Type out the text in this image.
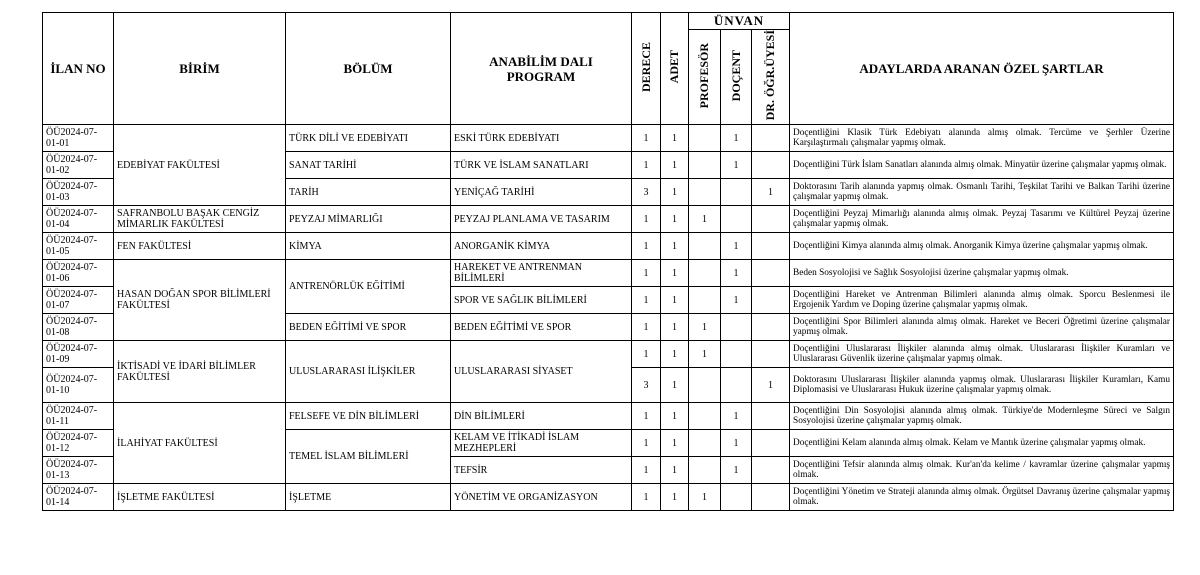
İLAN NO	BİRİM	BÖLÜM	ANABİLİM DALI PROGRAM	DERECE	ADET	ÜNVAN			ADAYLARDA ARANAN ÖZEL ŞARTLAR
						PROFESÖR	DOÇENT	DR. ÖĞR.ÜYESİ	
ÖÜ2024-07-01-01	EDEBİYAT FAKÜLTESİ	TÜRK DİLİ VE EDEBİYATI	ESKİ TÜRK EDEBİYATI	1	1		1		Doçentliğini Klasik Türk Edebiyatı alanında almış olmak. Tercüme ve Şerhler Üzerine Karşılaştırmalı çalışmalar yapmış olmak.
ÖÜ2024-07-01-02		SANAT TARİHİ	TÜRK VE İSLAM SANATLARI	1	1		1		Doçentliğini Türk İslam Sanatları alanında almış olmak. Minyatür üzerine çalışmalar yapmış olmak.
ÖÜ2024-07-01-03		TARİH	YENİÇAĞ TARİHİ	3	1			1	Doktorasını Tarih alanında yapmış olmak. Osmanlı Tarihi, Teşkilat Tarihi ve Balkan Tarihi üzerine çalışmalar yapmış olmak.
ÖÜ2024-07-01-04	SAFRANBOLU BAŞAK CENGİZ MİMARLIK FAKÜLTESİ	PEYZAJ MİMARLIĞI	PEYZAJ PLANLAMA VE TASARIM	1	1	1			Doçentliğini Peyzaj Mimarlığı alanında almış olmak. Peyzaj Tasarımı ve Kültürel Peyzaj üzerine çalışmalar yapmış olmak.
ÖÜ2024-07-01-05	FEN FAKÜLTESİ	KİMYA	ANORGANİK KİMYA	1	1		1		Doçentliğini Kimya alanında almış olmak. Anorganik Kimya üzerine çalışmalar yapmış olmak.
ÖÜ2024-07-01-06	HASAN DOĞAN SPOR BİLİMLERİ FAKÜLTESİ	ANTRENÖRLÜK EĞİTİMİ	HAREKET VE ANTRENMAN BİLİMLERİ	1	1		1		Beden Sosyolojisi ve Sağlık Sosyolojisi üzerine çalışmalar yapmış olmak.
ÖÜ2024-07-01-07			SPOR VE SAĞLIK BİLİMLERİ	1	1		1		Doçentliğini Hareket ve Antrenman Bilimleri alanında almış olmak. Sporcu Beslenmesi ile Ergojenik Yardım ve Doping üzerine çalışmalar yapmış olmak.
ÖÜ2024-07-01-08		BEDEN EĞİTİMİ VE SPOR	BEDEN EĞİTİMİ VE SPOR	1	1	1			Doçentliğini Spor Bilimleri alanında almış olmak. Hareket ve Beceri Öğretimi üzerine çalışmalar yapmış olmak.
ÖÜ2024-07-01-09	İKTİSADİ VE İDARİ BİLİMLER FAKÜLTESİ	ULUSLARARASI İLİŞKİLER	ULUSLARARASI SİYASET	1	1	1			Doçentliğini Uluslararası İlişkiler alanında almış olmak. Uluslararası İlişkiler Kuramları ve Uluslararası Güvenlik üzerine çalışmalar yapmış olmak.
ÖÜ2024-07-01-10				3	1			1	Doktorasını Uluslararası İlişkiler alanında yapmış olmak. Uluslararası İlişkiler Kuramları, Kamu Diplomasisi ve Uluslararası Hukuk üzerine çalışmalar yapmış olmak.
ÖÜ2024-07-01-11	İLAHİYAT FAKÜLTESİ	FELSEFE VE DİN BİLİMLERİ	DİN BİLİMLERİ	1	1		1		Doçentliğini Din Sosyolojisi alanında almış olmak. Türkiye'de Modernleşme Süreci ve Salgın Sosyolojisi üzerine çalışmalar yapmış olmak.
ÖÜ2024-07-01-12		TEMEL İSLAM BİLİMLERİ	KELAM VE İTİKADİ İSLAM MEZHEPLERİ	1	1		1		Doçentliğini Kelam alanında almış olmak. Kelam ve Mantık üzerine çalışmalar yapmış olmak.
ÖÜ2024-07-01-13			TEFSİR	1	1		1		Doçentliğini Tefsir alanında almış olmak. Kur'an'da kelime / kavramlar üzerine çalışmalar yapmış olmak.
ÖÜ2024-07-01-14	İŞLETME FAKÜLTESİ	İŞLETME	YÖNETİM VE ORGANİZASYON	1	1	1			Doçentliğini Yönetim ve Strateji alanında almış olmak. Örgütsel Davranış üzerine çalışmalar yapmış olmak.
